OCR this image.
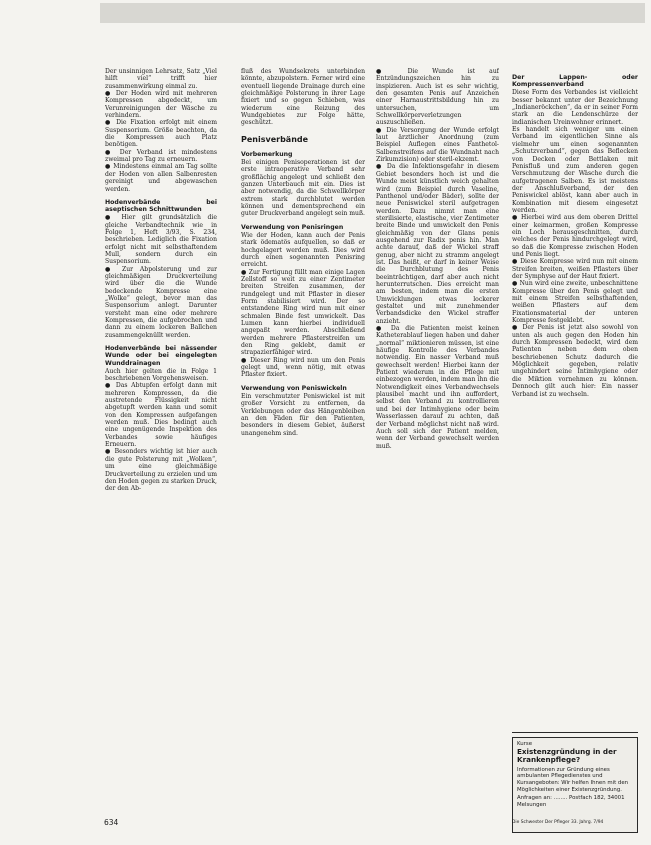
Der unsinnigen Lehrsatz, Satz „Viel hilft viel“ trifft hier zusammenwirkung einmal zu.

● Der Hoden wird mit mehreren Kompressen abgedeckt, um Verunreinigungen der Wäsche zu verhindern.

● Die Fixation erfolgt mit einem Suspensorium. Größe beachten, da die Kompressen auch Platz benötigen.

● Der Verband ist mindestens zweimal pro Tag zu erneuern.

● Mindestens einmal am Tag sollte der Hoden von allen Salbenresten gereinigt und abgewaschen werden.

Hodenverbände bei aseptischen Schnittwunden

● Hier gilt grundsätzlich die gleiche Verbandtechnik wie in Folge 1, Heft 3/93, S. 234, beschrieben. Lediglich die Fixation erfolgt nicht mit selbsthaftendem Mull, sondern durch ein Suspensorium.

● Zur Abpolsterung und zur gleichmäßigen Druckverteilung wird über die die Wunde bedeckende Kompresse eine „Wolke“ gelegt, bevor man das Suspensorium anlegt. Darunter versteht man eine oder mehrere Kompressen, die aufgebrochen und dann zu einem lockeren Ballchen zusammengeknüllt werden.

Hodenverbände bei nässender Wunde oder bei eingelegten Wunddrainagen

Auch hier gelten die in Folge 1 beschriebenen Vorgehensweisen.

● Das Abtupfen erfolgt dann mit mehreren Kompressen, da die austretende Flüssigkeit nicht abgetupft werden kann und somit von den Kompressen aufgefangen werden muß. Dies bedingt auch eine ungenügende Inspektion des Verbandes sowie häufiges Erneuern.

● Besonders wichtig ist hier auch die gute Polsterung mit „Wolken“, um eine gleichmäßige Druckverteilung zu erzielen und um den Hoden gegen zu starken Druck, der den Ab-

fluß des Wundsekrets unterbinden könnte, abzupolstern. Ferner wird eine eventuell liegende Drainage durch eine gleichmäßige Polsterung in ihrer Lage fixiert und so gegen Schieben, was wiederum eine Reizung des Wundgebietes zur Folge hätte, geschützt.

Penisverbände
Vorbemerkung

Bei einigen Penisoperationen ist der erste intraoperative Verband sehr großflächig angelegt und schließt den ganzen Unterbauch mit ein. Dies ist aber notwendig, da die Schwellkörper extrem stark durchblutet werden können und dementsprechend ein guter Druckverband angelegt sein muß.

Verwendung von Penisringen

Wie der Hoden, kann auch der Penis stark ödematös aufquellen, so daß er hochgelagert werden muß. Dies wird durch einen sogenannten Penisring erreicht.

● Zur Fertigung füllt man einige Lagen Zellstoff so weit zu einer Zentimeter breiten Streifen zusammen, der rundgelegt und mit Pflaster in dieser Form stabilisiert wird. Der so entstandene Ring wird nun mit einer schmalen Binde fest umwickelt. Das Lumen kann hierbei individuell angepaßt werden. Abschließend werden mehrere Pflasterstreifen um den Ring geklebt, damit er strapazierfähiger wird.

● Dieser Ring wird nun um den Penis gelegt und, wenn nötig, mit etwas Pflaster fixiert.

Verwendung von Peniswickeln

Ein verschmutzter Peniswickel ist mit großer Vorsicht zu entfernen, da Verklebungen oder das Hängenbleiben an den Fäden für den Patienten, besonders in diesem Gebiet, äußerst unangenehm sind.

● Die Wunde ist auf Entzündungszeichen hin zu inspizieren. Auch ist es sehr wichtig, den gesamten Penis auf Anzeichen einer Harnaustrittsbildung hin zu untersuchen, um Schwellkörperverletzungen auszuschließen.

● Die Versorgung der Wunde erfolgt laut ärztlicher Anordnung (zum Beispiel Auflegen eines Fanthetol-Salbenstreifens auf die Wundnaht nach Zirkumzision) oder steril-ekzemt.

● Da die Infektionsgefahr in diesem Gebiet besonders hoch ist und die Wunde meist künstlich weich gehalten wird (zum Beispiel durch Vaseline, Panthenol und/oder Bäder), sollte der neue Peniswickel steril aufgetragen werden. Dazu nimmt man eine sterilisierte, elastische, vier Zentimeter breite Binde und umwickelt den Penis gleichmäßig von der Glans penis ausgehend zur Radix penis hin. Man achte darauf, daß der Wickel straff genug, aber nicht zu stramm angelegt ist. Das heißt, er darf in keiner Weise die Durchblutung des Penis beeinträchtigen, darf aber auch nicht herunterrutschen. Dies erreicht man am besten, indem man die ersten Umwicklungen etwas lockerer gestaltet und mit zunehmender Verbandsdicke den Wickel straffer anzieht.

● Da die Patienten meist keinen Katheterablauf liegen haben und daher „normal“ miktionieren müssen, ist eine häufige Kontrolle des Verbandes notwendig. Ein nasser Verband muß gewechselt werden! Hierbei kann der Patient wiederum in die Pflege mit einbezogen werden, indem man ihn die Notwendigkeit eines Verbandwechsels plausibel macht und ihn auffordert, selbst den Verband zu kontrollieren und bei der Intimhygiene oder beim Wasserlassen darauf zu achten, daß der Verband möglichst nicht naß wird. Auch soll sich der Patient melden, wenn der Verband gewechselt werden muß.

Der Lappen- oder Kompressenverband

Diese Form des Verbandes ist vielleicht besser bekannt unter der Bezeichnung „Indianeröckchen“, da er in seiner Form stark an die Lendenschürze der indianischen Ureinwohner erinnert.

Es handelt sich weniger um einen Verband im eigentlichen Sinne als vielmehr um einen sogenannten „Schutzverband“, gegen das Beflecken von Decken oder Bettlaken mit Penisfluß und zum anderen gegen Verschmutzung der Wäsche durch die aufgetragenen Salben. Es ist meistens der Anschlußverband, der den Peniswickel ablöst, kann aber auch in Kombination mit diesem eingesetzt werden.

● Hierbei wird aus dem oberen Drittel einer keimarmen, großen Kompresse ein Loch herausgeschnitten, durch welches der Penis hindurchgelegt wird, so daß die Kompresse zwischen Hoden und Penis liegt.

● Diese Kompresse wird nun mit einem Streifen breiten, weißen Pflasters über der Symphyse auf der Haut fixiert.

● Nun wird eine zweite, unbeschnittene Kompresse über den Penis gelegt und mit einem Streifen selbsthaftenden, weißen Pflasters auf dem Fixationsmaterial der unteren Kompresse festgeklebt.

● Der Penis ist jetzt also sowohl von unten als auch gegen den Hoden hin durch Kompressen bedeckt, wird dem Patienten neben dem oben beschriebenen Schutz dadurch die Möglichkeit gegeben, relativ ungehindert seine Intimhygiene oder die Miktion vornehmen zu können. Dennoch gilt auch hier: Ein nasser Verband ist zu wechseln.

Kurse
Existenzgründung in der Krankenpflege?
Informationen zur Gründung eines ambulanten Pflegedienstes und Kursangeboten: Wir helfen Ihnen mit den Möglichkeiten einer Existenzgründung.
Anfragen an: ........ Postfach 182, 34001 Melsungen
634	Die Schwester Der Pfleger 33. Jahrg. 7/94
